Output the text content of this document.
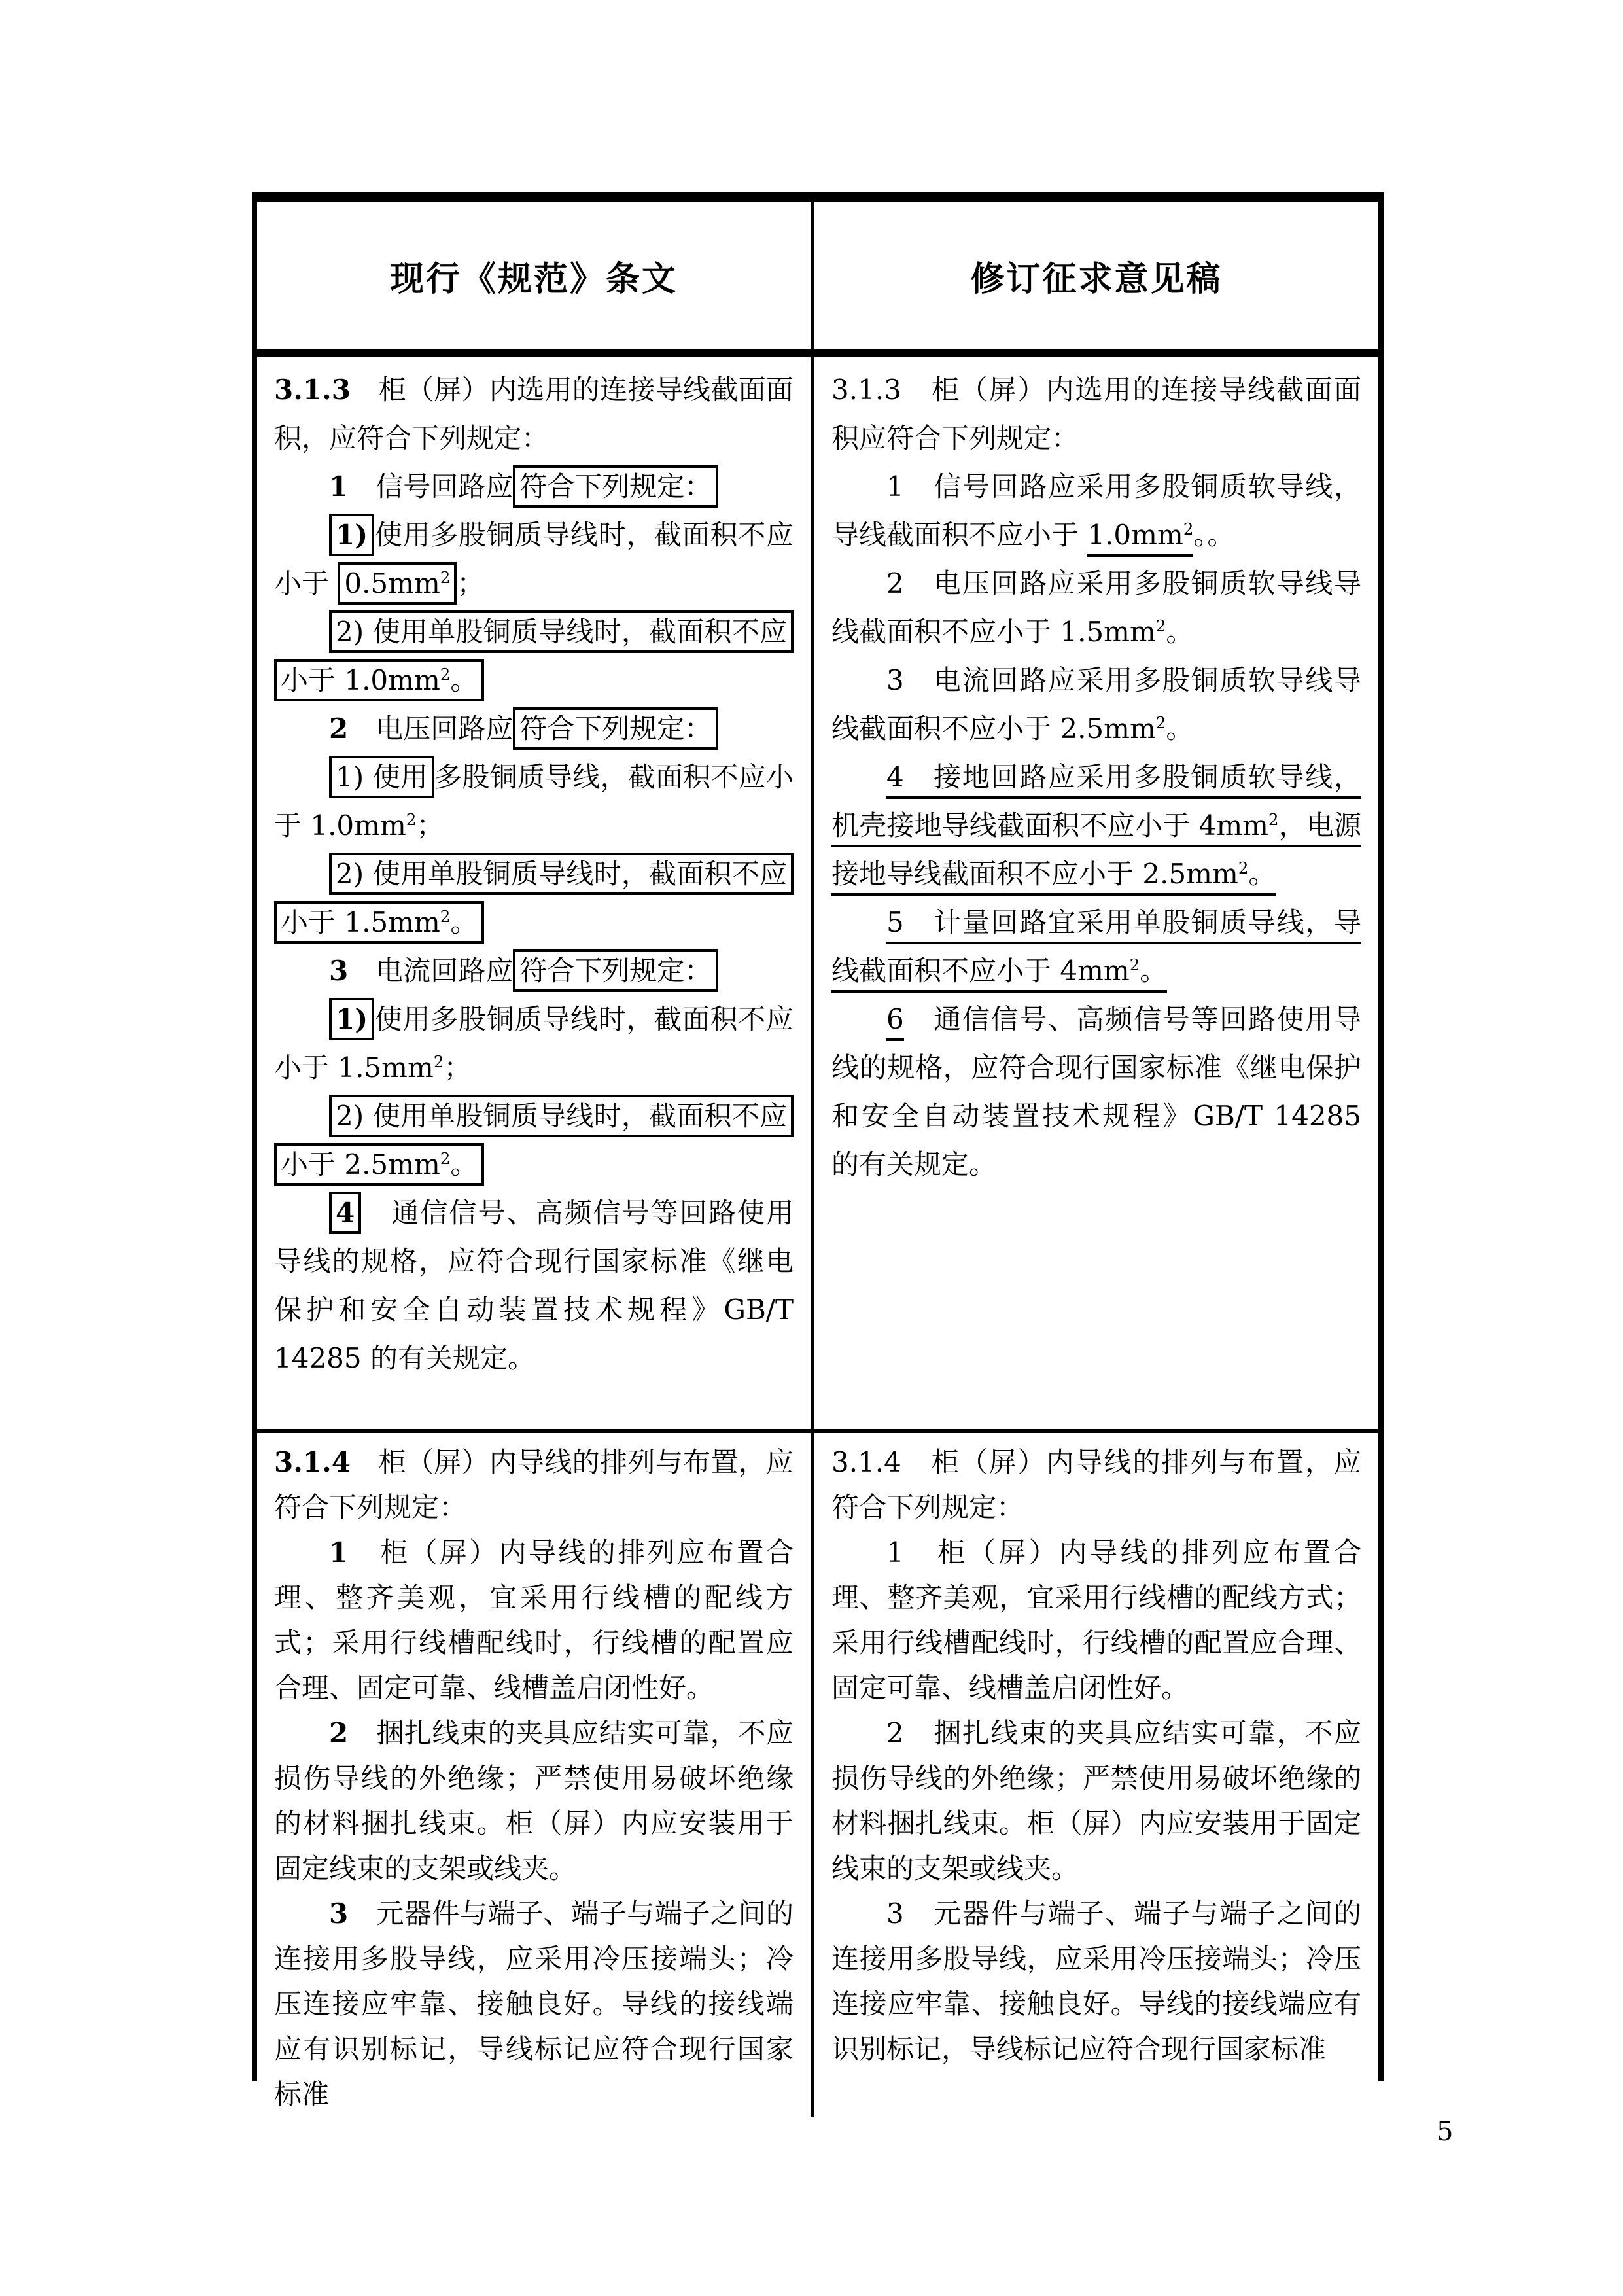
现行《规范》条文	修订征求意见稿
3.1.3　柜（屏）内选用的连接导线截面面积，应符合下列规定：
1　信号回路应 符合下列规定：
1) 使用多股铜质导线时，截面积不应小于 $0.5mm^2$ ；
2) 使用单股铜质导线时，截面积不应小于 $1.0mm^2$。
2　电压回路应 符合下列规定：
1) 使用 多股铜质导线，截面积不应小于 $1.0mm^2$；
2) 使用单股铜质导线时，截面积不应小于 $1.5mm^2$。
3　电流回路应 符合下列规定：
1) 使用多股铜质导线时，截面积不应小于 $1.5mm^2$；
2) 使用单股铜质导线时，截面积不应小于 $2.5mm^2$。
4　通信信号、高频信号等回路使用导线的规格，应符合现行国家标准《继电保护和安全自动装置技术规程》GB/T 14285 的有关规定。
3.1.3　柜（屏）内选用的连接导线截面面积应符合下列规定：
1　信号回路应采用多股铜质软导线，导线截面积不应小于 $1.0mm^2$。。
2　电压回路应采用多股铜质软导线导线截面积不应小于 $1.5mm^2$。
3　电流回路应采用多股铜质软导线导线截面积不应小于 $2.5mm^2$。
4　接地回路应采用多股铜质软导线，机壳接地导线截面积不应小于 $4mm^2$，电源接地导线截面积不应小于 $2.5mm^2$。
5　计量回路宜采用单股铜质导线，导线截面积不应小于 $4mm^2$。
6　通信信号、高频信号等回路使用导线的规格，应符合现行国家标准《继电保护和安全自动装置技术规程》GB/T 14285 的有关规定。
3.1.4　柜（屏）内导线的排列与布置，应符合下列规定：
1　柜（屏）内导线的排列应布置合理、整齐美观，宜采用行线槽的配线方式；采用行线槽配线时，行线槽的配置应合理、固定可靠、线槽盖启闭性好。
2　捆扎线束的夹具应结实可靠，不应损伤导线的外绝缘；严禁使用易破坏绝缘的材料捆扎线束。柜（屏）内应安装用于固定线束的支架或线夹。
3　元器件与端子、端子与端子之间的连接用多股导线，应采用冷压接端头；冷压连接应牢靠、接触良好。导线的接线端应有识别标记，导线标记应符合现行国家标准
3.1.4　柜（屏）内导线的排列与布置，应符合下列规定：
1　柜（屏）内导线的排列应布置合理、整齐美观，宜采用行线槽的配线方式；采用行线槽配线时，行线槽的配置应合理、固定可靠、线槽盖启闭性好。
2　捆扎线束的夹具应结实可靠，不应损伤导线的外绝缘；严禁使用易破坏绝缘的材料捆扎线束。柜（屏）内应安装用于固定线束的支架或线夹。
3　元器件与端子、端子与端子之间的连接用多股导线，应采用冷压接端头；冷压连接应牢靠、接触良好。导线的接线端应有识别标记，导线标记应符合现行国家标准
5
